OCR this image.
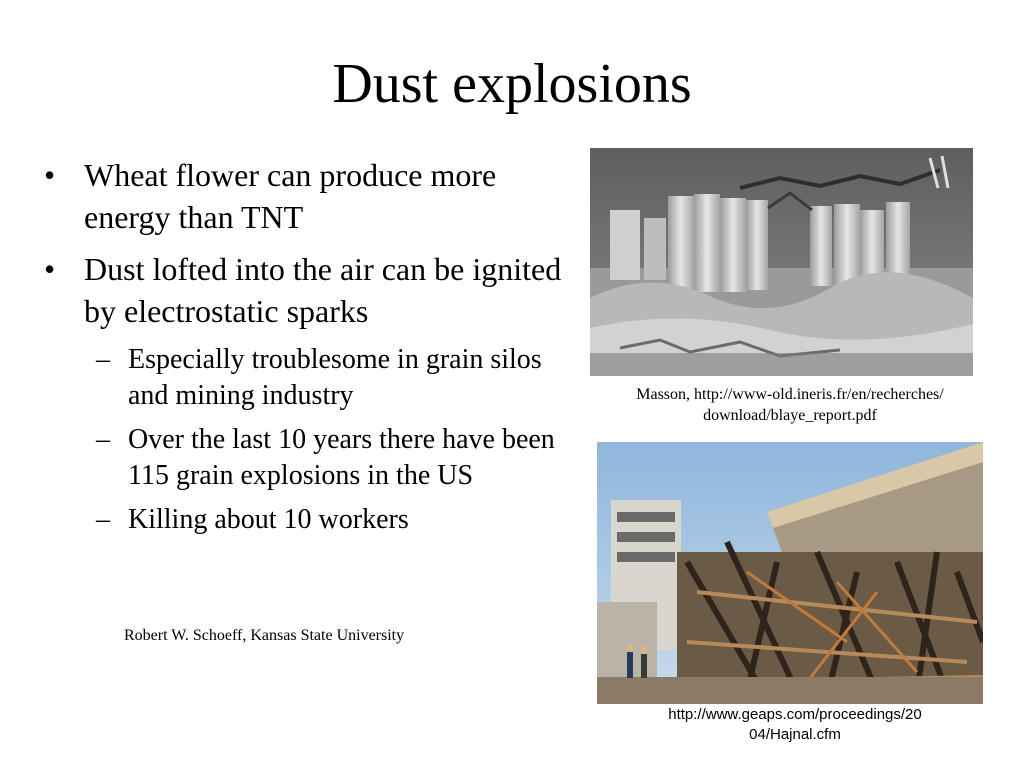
Dust explosions
• Wheat flower can produce more energy than TNT
• Dust lofted into the air can be ignited by electrostatic sparks
– Especially troublesome in grain silos and mining industry
– Over the last 10 years there have been 115 grain explosions in the US
– Killing about 10 workers
Robert W. Schoeff, Kansas State University
Masson, http://www-old.ineris.fr/en/recherches/
download/blaye_report.pdf
http://www.geaps.com/proceedings/20
04/Hajnal.cfm
